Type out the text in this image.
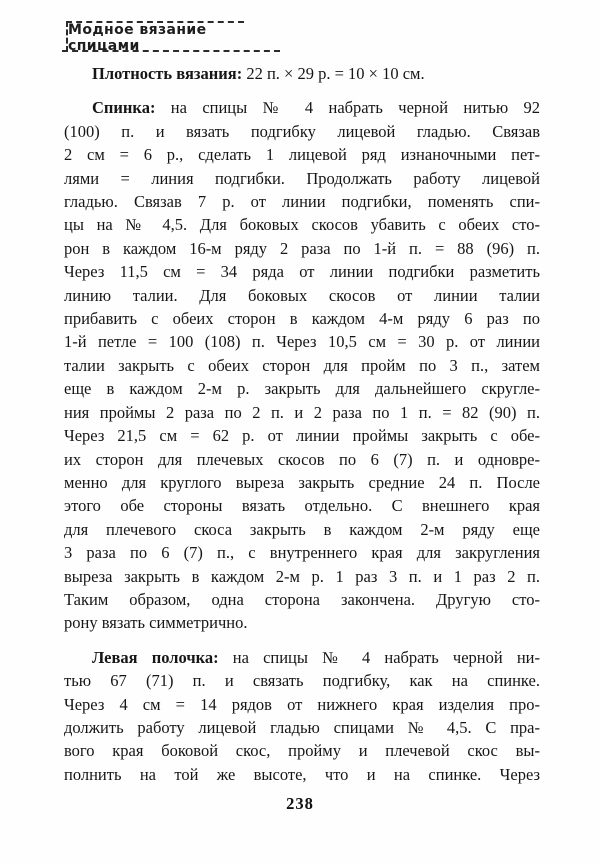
Модное вязание спицами
Плотность вязания: 22 п. × 29 р. = 10 × 10 см.
Спинка: на спицы № 4 набрать черной нитью 92
(100) п. и вязать подгибку лицевой гладью. Связав
2 см = 6 р., сделать 1 лицевой ряд изнаночными пет-
лями = линия подгибки. Продолжать работу лицевой
гладью. Связав 7 р. от линии подгибки, поменять спи-
цы на № 4,5. Для боковых скосов убавить с обеих сто-
рон в каждом 16-м ряду 2 раза по 1-й п. = 88 (96) п.
Через 11,5 см = 34 ряда от линии подгибки разметить
линию талии. Для боковых скосов от линии талии
прибавить с обеих сторон в каждом 4-м ряду 6 раз по
1-й петле = 100 (108) п. Через 10,5 см = 30 р. от линии
талии закрыть с обеих сторон для пройм по 3 п., затем
еще в каждом 2-м р. закрыть для дальнейшего скругле-
ния проймы 2 раза по 2 п. и 2 раза по 1 п. = 82 (90) п.
Через 21,5 см = 62 р. от линии проймы закрыть с обе-
их сторон для плечевых скосов по 6 (7) п. и одновре-
менно для круглого выреза закрыть средние 24 п. После
этого обе стороны вязать отдельно. С внешнего края
для плечевого скоса закрыть в каждом 2-м ряду еще
3 раза по 6 (7) п., с внутреннего края для закругления
выреза закрыть в каждом 2-м р. 1 раз 3 п. и 1 раз 2 п.
Таким образом, одна сторона закончена. Другую сто-
рону вязать симметрично.
Левая полочка: на спицы № 4 набрать черной ни-
тью 67 (71) п. и связать подгибку, как на спинке.
Через 4 см = 14 рядов от нижнего края изделия про-
должить работу лицевой гладью спицами № 4,5. С пра-
вого края боковой скос, пройму и плечевой скос вы-
полнить на той же высоте, что и на спинке. Через
238
